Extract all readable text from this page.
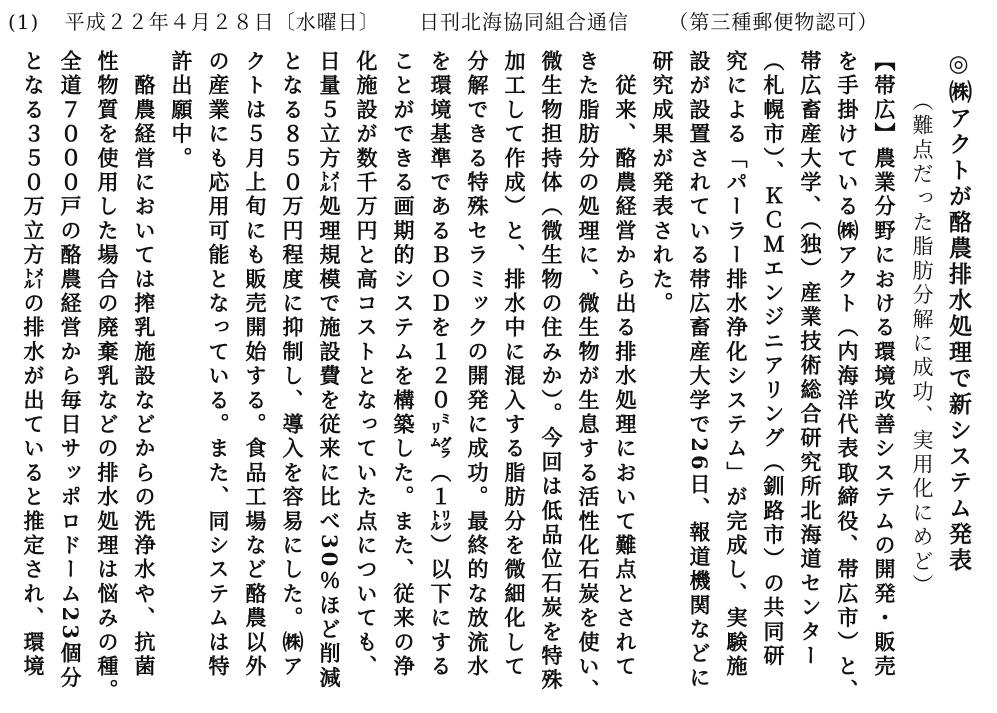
(1) 平成２２年４月２８日〔水曜日〕 日刊北海協同組合通信 （第三種郵便物認可）
◎㈱アクトが酪農排水処理で新システム発表
（難点だった脂肪分解に成功、実用化にめど）
【帯広】農業分野における環境改善システムの開発・販売
を手掛けている㈱アクト（内海洋代表取締役、帯広市）と、
帯広畜産大学、（独）産業技術総合研究所北海道センター
（札幌市）、ＫＣＭエンジニアリング（釧路市）の共同研
究による「パーラー排水浄化システム」が完成し、実験施
設が設置されている帯広畜産大学で26日、報道機関などに
研究成果が発表された。
　従来、酪農経営から出る排水処理において難点とされて
きた脂肪分の処理に、微生物が生息する活性化石炭を使い、
微生物担持体（微生物の住みか）。今回は低品位石炭を特殊
加工して作成）と、排水中に混入する脂肪分を微細化して
分解できる特殊セラミックの開発に成功。最終的な放流水
を環境基準であるＢＯＤを１２０㍉㌘（１㍑）以下にする
ことができる画期的システムを構築した。また、従来の浄
化施設が数千万円と高コストとなっていた点についても、
日量５立方㍍処理規模で施設費を従来に比べ30％ほど削減
となる８５０万円程度に抑制し、導入を容易にした。㈱ア
クトは５月上旬にも販売開始する。食品工場など酪農以外
の産業にも応用可能となっている。また、同システムは特
許出願中。
　酪農経営においては搾乳施設などからの洗浄水や、抗菌
性物質を使用した場合の廃棄乳などの排水処理は悩みの種。
全道７０００戸の酪農経営から毎日サッポロドーム23個分
となる３５０万立方㍍の排水が出ていると推定され、環境
